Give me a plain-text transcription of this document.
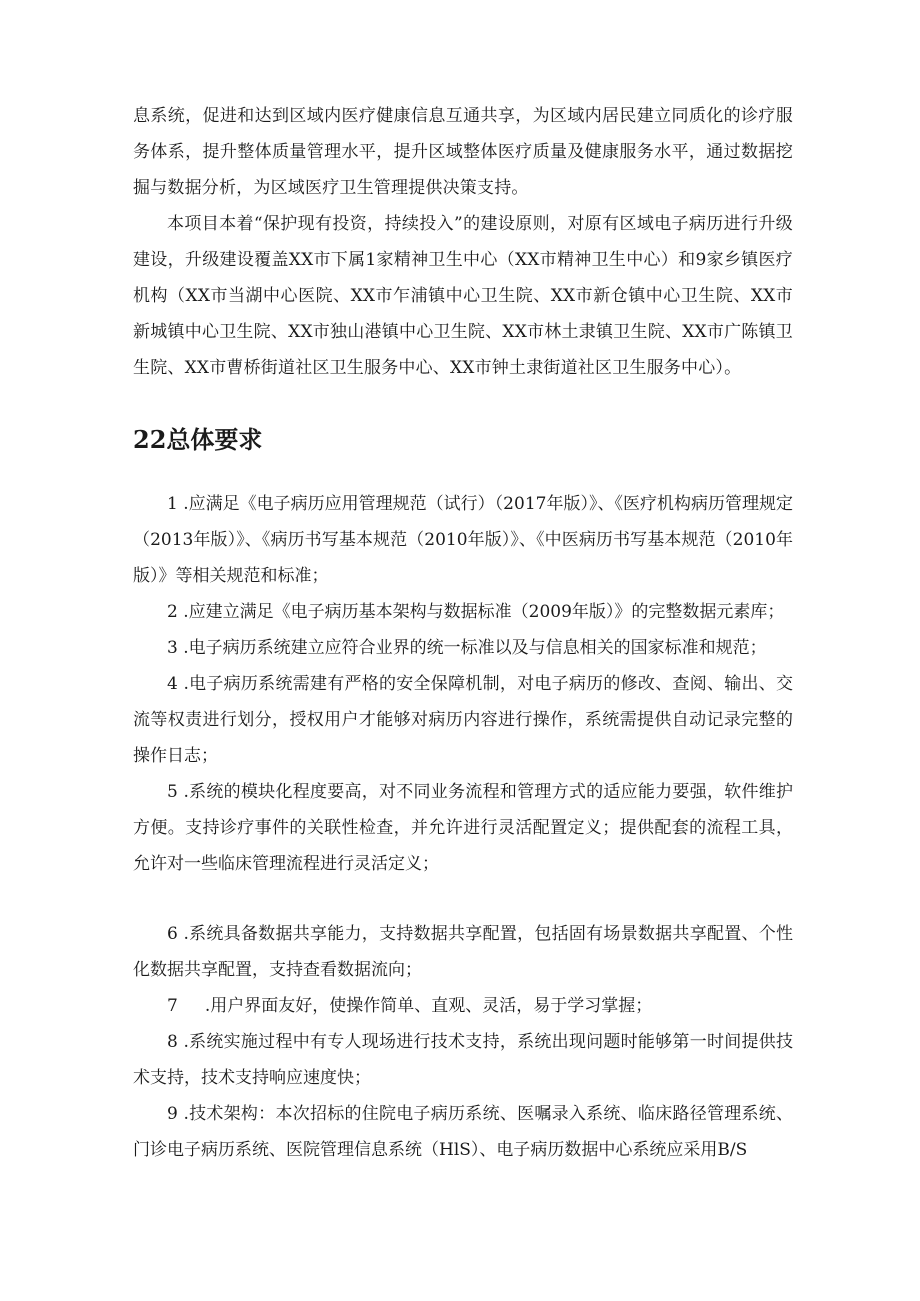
息系统，促进和达到区域内医疗健康信息互通共享，为区域内居民建立同质化的诊疗服务体系，提升整体质量管理水平，提升区域整体医疗质量及健康服务水平，通过数据挖掘与数据分析，为区域医疗卫生管理提供决策支持。

本项目本着“保护现有投资，持续投入”的建设原则，对原有区域电子病历进行升级建设，升级建设覆盖XX市下属1家精神卫生中心（XX市精神卫生中心）和9家乡镇医疗机构（XX市当湖中心医院、XX市乍浦镇中心卫生院、XX市新仓镇中心卫生院、XX市新城镇中心卫生院、XX市独山港镇中心卫生院、XX市林土隶镇卫生院、XX市广陈镇卫生院、XX市曹桥街道社区卫生服务中心、XX市钟土隶街道社区卫生服务中心）。

22总体要求

1 .应满足《电子病历应用管理规范（试行）（2017年版）》、《医疗机构病历管理规定（2013年版）》、《病历书写基本规范（2010年版）》、《中医病历书写基本规范（2010年版）》等相关规范和标准；

2 .应建立满足《电子病历基本架构与数据标准（2009年版）》的完整数据元素库；

3 .电子病历系统建立应符合业界的统一标准以及与信息相关的国家标准和规范；

4 .电子病历系统需建有严格的安全保障机制，对电子病历的修改、查阅、输出、交流等权责进行划分，授权用户才能够对病历内容进行操作，系统需提供自动记录完整的操作日志；

5 .系统的模块化程度要高，对不同业务流程和管理方式的适应能力要强，软件维护方便。支持诊疗事件的关联性检查，并允许进行灵活配置定义；提供配套的流程工具，允许对一些临床管理流程进行灵活定义；

6 .系统具备数据共享能力，支持数据共享配置，包括固有场景数据共享配置、个性化数据共享配置，支持查看数据流向；

7     .用户界面友好，使操作简单、直观、灵活，易于学习掌握；

8 .系统实施过程中有专人现场进行技术支持，系统出现问题时能够第一时间提供技术支持，技术支持响应速度快；

9 .技术架构：本次招标的住院电子病历系统、医嘱录入系统、临床路径管理系统、门诊电子病历系统、医院管理信息系统（HlS）、电子病历数据中心系统应采用B/S
